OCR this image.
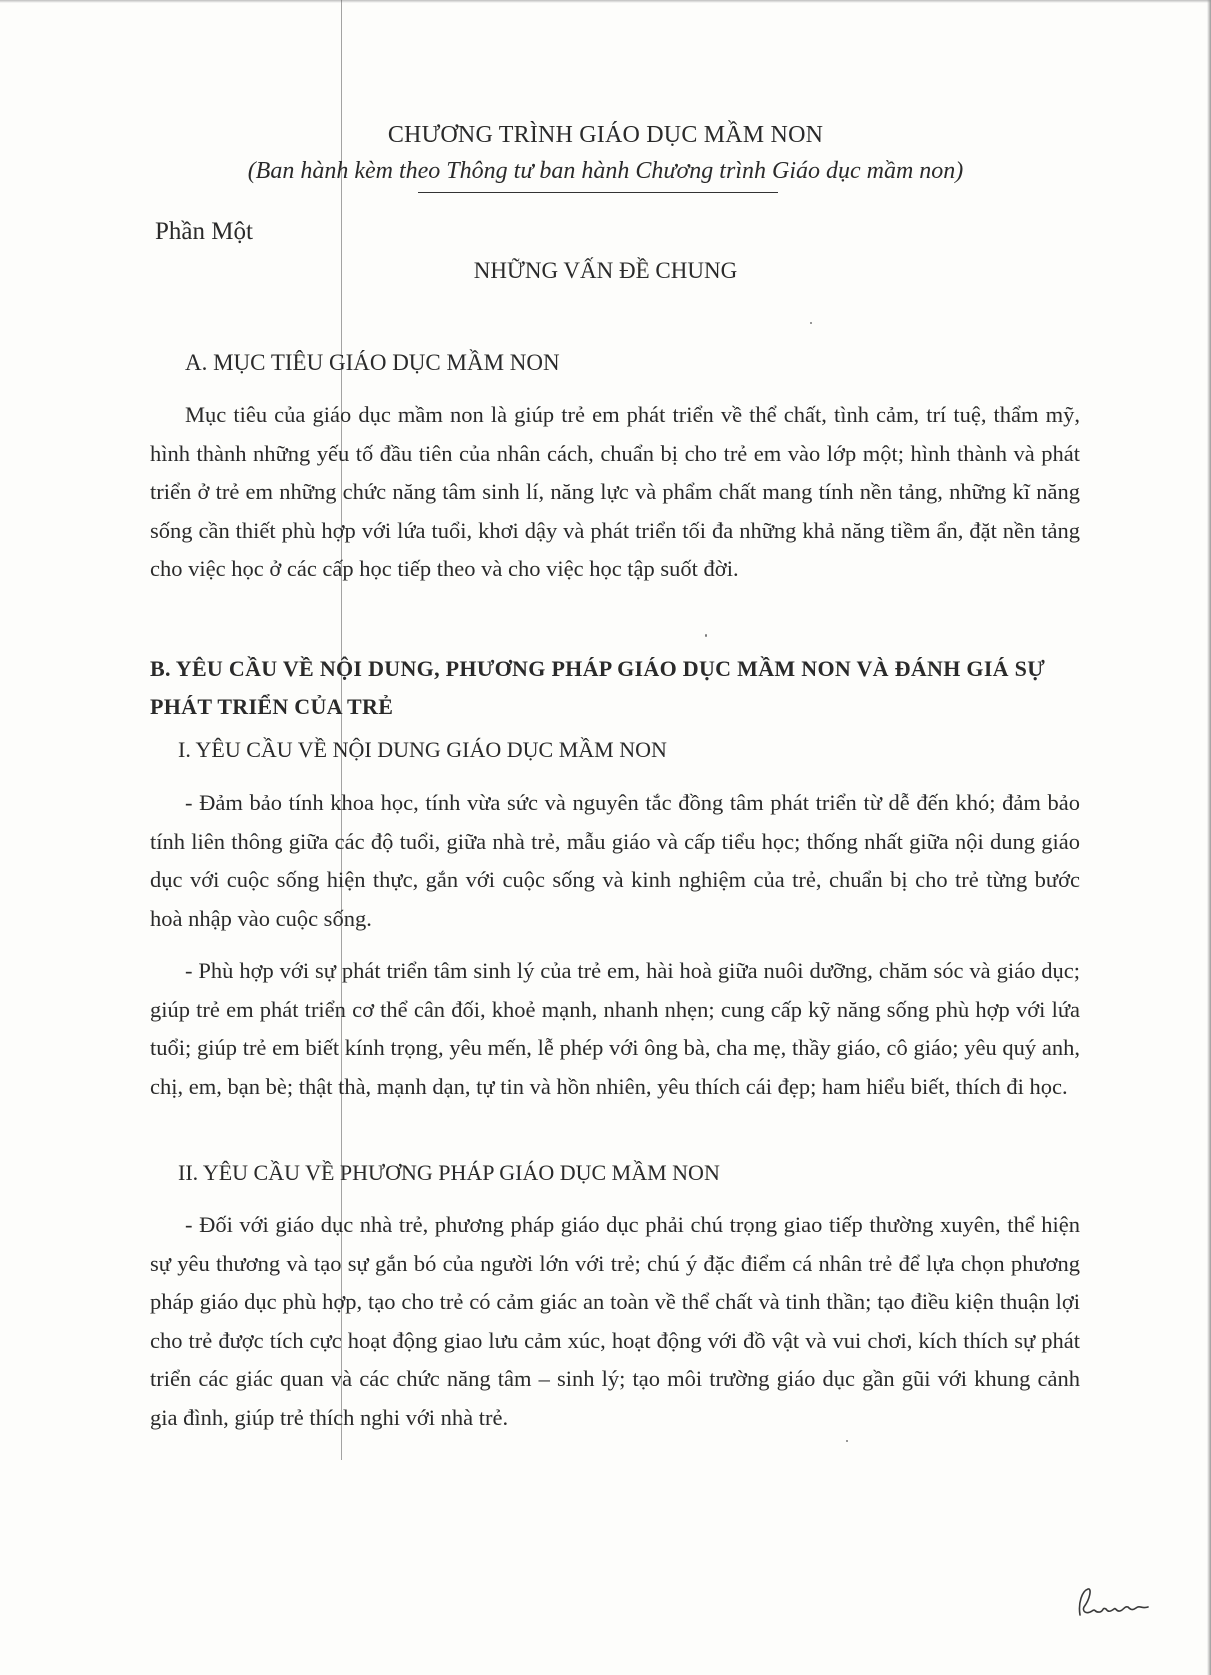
CHƯƠNG TRÌNH GIÁO DỤC MẦM NON

(Ban hành kèm theo Thông tư ban hành Chương trình Giáo dục mầm non)

Phần Một

NHỮNG VẤN ĐỀ CHUNG
A. MỤC TIÊU GIÁO DỤC MẦM NON

Mục tiêu của giáo dục mầm non là giúp trẻ em phát triển về thể chất, tình cảm, trí tuệ, thẩm mỹ, hình thành những yếu tố đầu tiên của nhân cách, chuẩn bị cho trẻ em vào lớp một; hình thành và phát triển ở trẻ em những chức năng tâm sinh lí, năng lực và phẩm chất mang tính nền tảng, những kĩ năng sống cần thiết phù hợp với lứa tuổi, khơi dậy và phát triển tối đa những khả năng tiềm ẩn, đặt nền tảng cho việc học ở các cấp học tiếp theo và cho việc học tập suốt đời.

B. YÊU CẦU VỀ NỘI DUNG, PHƯƠNG PHÁP GIÁO DỤC MẦM NON VÀ ĐÁNH GIÁ SỰ PHÁT TRIỂN CỦA TRẺ
I. YÊU CẦU VỀ NỘI DUNG GIÁO DỤC MẦM NON

- Đảm bảo tính khoa học, tính vừa sức và nguyên tắc đồng tâm phát triển từ dễ đến khó; đảm bảo tính liên thông giữa các độ tuổi, giữa nhà trẻ, mẫu giáo và cấp tiểu học; thống nhất giữa nội dung giáo dục với cuộc sống hiện thực, gắn với cuộc sống và kinh nghiệm của trẻ, chuẩn bị cho trẻ từng bước hoà nhập vào cuộc sống.

- Phù hợp với sự phát triển tâm sinh lý của trẻ em, hài hoà giữa nuôi dưỡng, chăm sóc và giáo dục; giúp trẻ em phát triển cơ thể cân đối, khoẻ mạnh, nhanh nhẹn; cung cấp kỹ năng sống phù hợp với lứa tuổi; giúp trẻ em biết kính trọng, yêu mến, lễ phép với ông bà, cha mẹ, thầy giáo, cô giáo; yêu quý anh, chị, em, bạn bè; thật thà, mạnh dạn, tự tin và hồn nhiên, yêu thích cái đẹp; ham hiểu biết, thích đi học.

II. YÊU CẦU VỀ PHƯƠNG PHÁP GIÁO DỤC MẦM NON

- Đối với giáo dục nhà trẻ, phương pháp giáo dục phải chú trọng giao tiếp thường xuyên, thể hiện sự yêu thương và tạo sự gắn bó của người lớn với trẻ; chú ý đặc điểm cá nhân trẻ để lựa chọn phương pháp giáo dục phù hợp, tạo cho trẻ có cảm giác an toàn về thể chất và tinh thần; tạo điều kiện thuận lợi cho trẻ được tích cực hoạt động giao lưu cảm xúc, hoạt động với đồ vật và vui chơi, kích thích sự phát triển các giác quan và các chức năng tâm – sinh lý; tạo môi trường giáo dục gần gũi với khung cảnh gia đình, giúp trẻ thích nghi với nhà trẻ.
